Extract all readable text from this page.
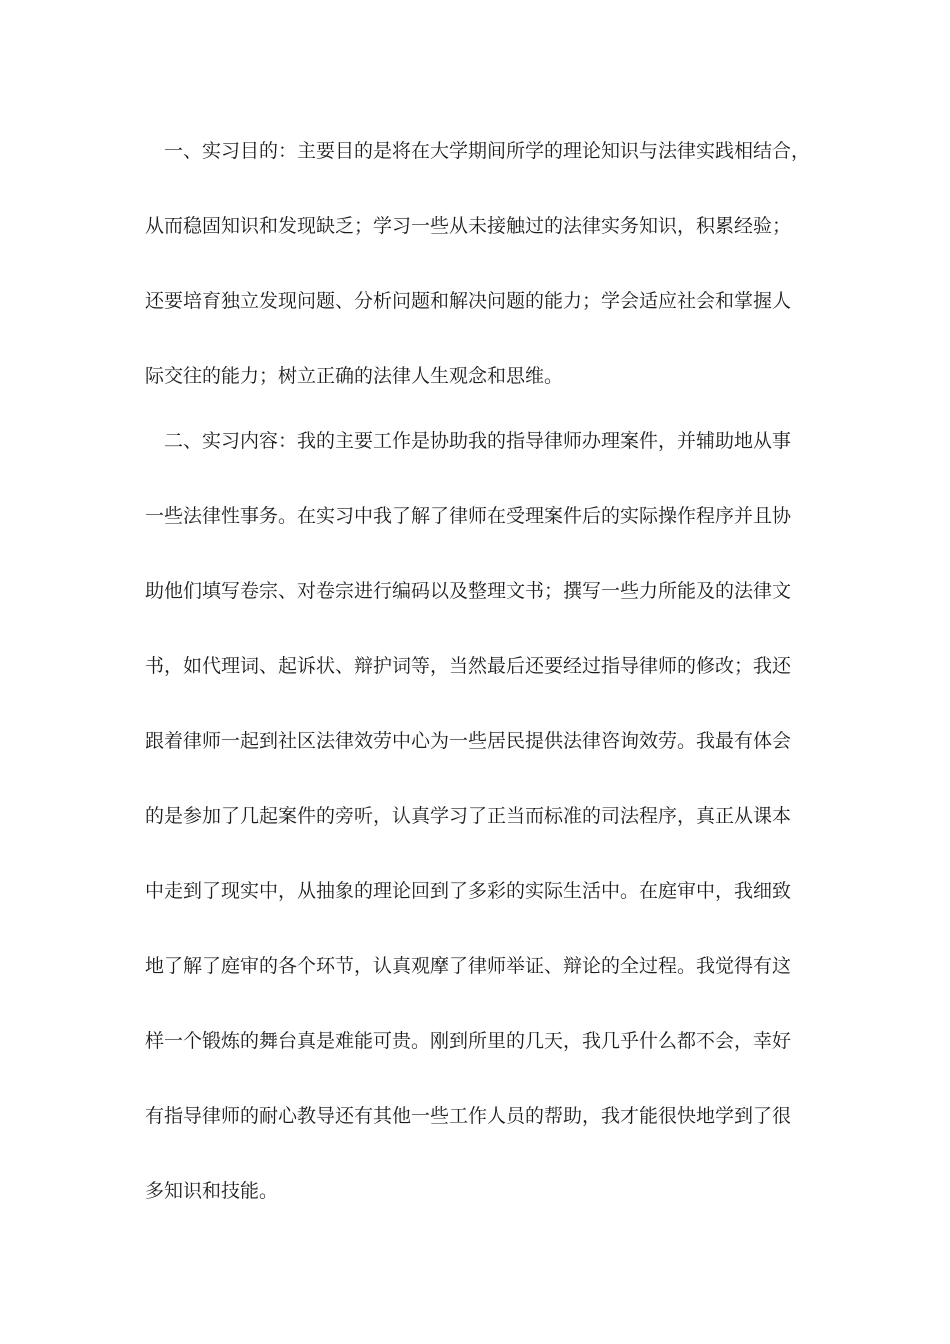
一、实习目的：主要目的是将在大学期间所学的理论知识与法律实践相结合，
从而稳固知识和发现缺乏；学习一些从未接触过的法律实务知识，积累经验；
还要培育独立发现问题、分析问题和解决问题的能力；学会适应社会和掌握人
际交往的能力；树立正确的法律人生观念和思维。
二、实习内容：我的主要工作是协助我的指导律师办理案件，并辅助地从事
一些法律性事务。在实习中我了解了律师在受理案件后的实际操作程序并且协
助他们填写卷宗、对卷宗进行编码以及整理文书；撰写一些力所能及的法律文
书，如代理词、起诉状、辩护词等，当然最后还要经过指导律师的修改；我还
跟着律师一起到社区法律效劳中心为一些居民提供法律咨询效劳。我最有体会
的是参加了几起案件的旁听，认真学习了正当而标准的司法程序，真正从课本
中走到了现实中，从抽象的理论回到了多彩的实际生活中。在庭审中，我细致
地了解了庭审的各个环节，认真观摩了律师举证、辩论的全过程。我觉得有这
样一个锻炼的舞台真是难能可贵。刚到所里的几天，我几乎什么都不会，幸好
有指导律师的耐心教导还有其他一些工作人员的帮助，我才能很快地学到了很
多知识和技能。
